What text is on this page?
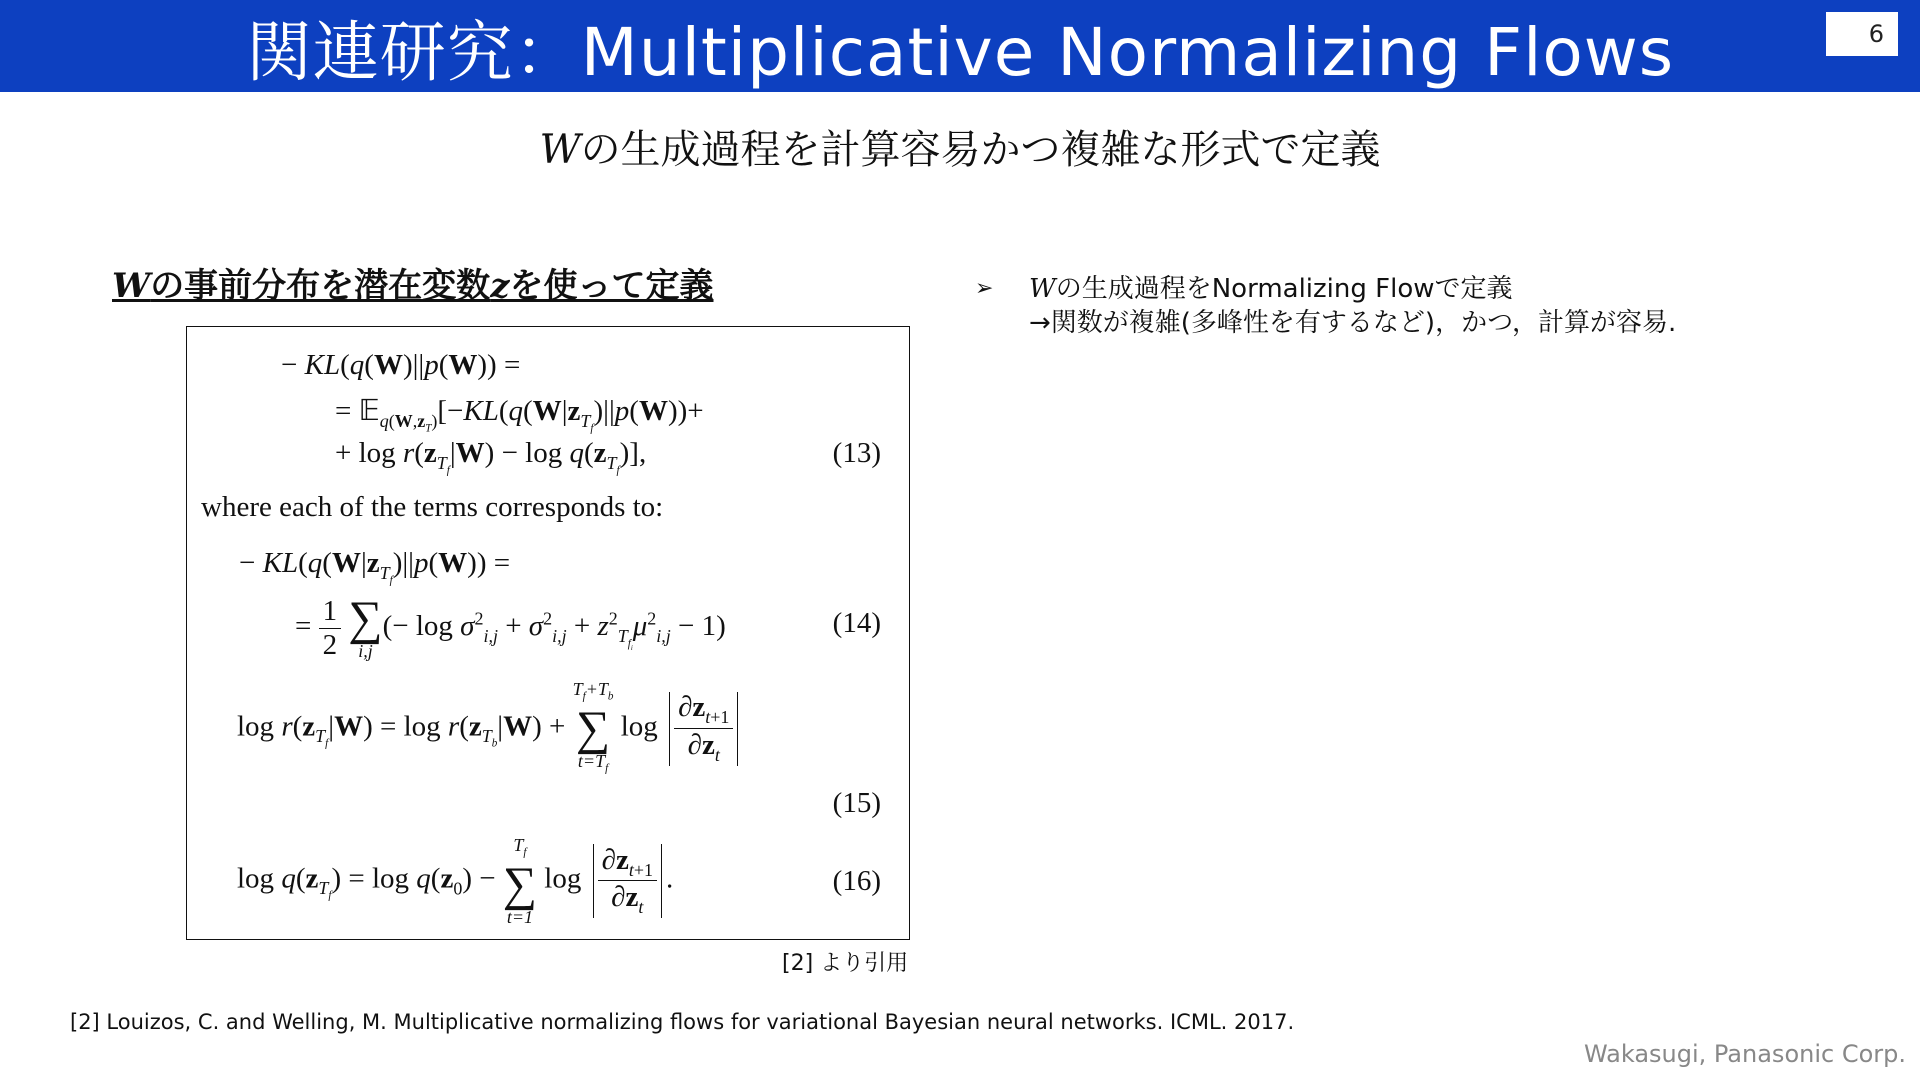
関連研究：Multiplicative Normalizing Flows	6
Wの生成過程を計算容易かつ複雑な形式で定義
Wの事前分布を潜在変数zを使って定義
− KL(q(W)||p(W)) =
= $𝔼_{q(W,z_T)}[-KL(q(W|z_{T_f})||p(W))+$
+ $\log r(z_{T_f}|W) - \log q(z_{T_f})$],	(13)
where each of the terms corresponds to:
− $KL(q(W|z_{T_f})||p(W))$ =
= $\frac{1}{2}$
∑
i,j
(− $\log \sigma^2_{i,j} + \sigma^2_{i,j} + z^2_{T_{f_i}}\mu^2_{i,j} - 1$)	(14)
$\log r(z_{T_f}|W) = \log r(z_{T_b}|W)$ +
$T_f+T_b$
∑
$t=T_f$
$\log \frac{\partial z_{t+1}}{\partial z_t}$
(15)
$\log q(z_{T_f}) = \log q(z_0)$ −
$T_f$
∑
t=1
$\log \frac{\partial z_{t+1}}{\partial z_t}$ .	(16)
[2] より引用
➢ Wの生成過程をNormalizing Flowで定義
→関数が複雑(多峰性を有するなど)，かつ，計算が容易.
[2] Louizos, C. and Welling, M. Multiplicative normalizing flows for variational Bayesian neural networks. ICML. 2017.
Wakasugi, Panasonic Corp.
